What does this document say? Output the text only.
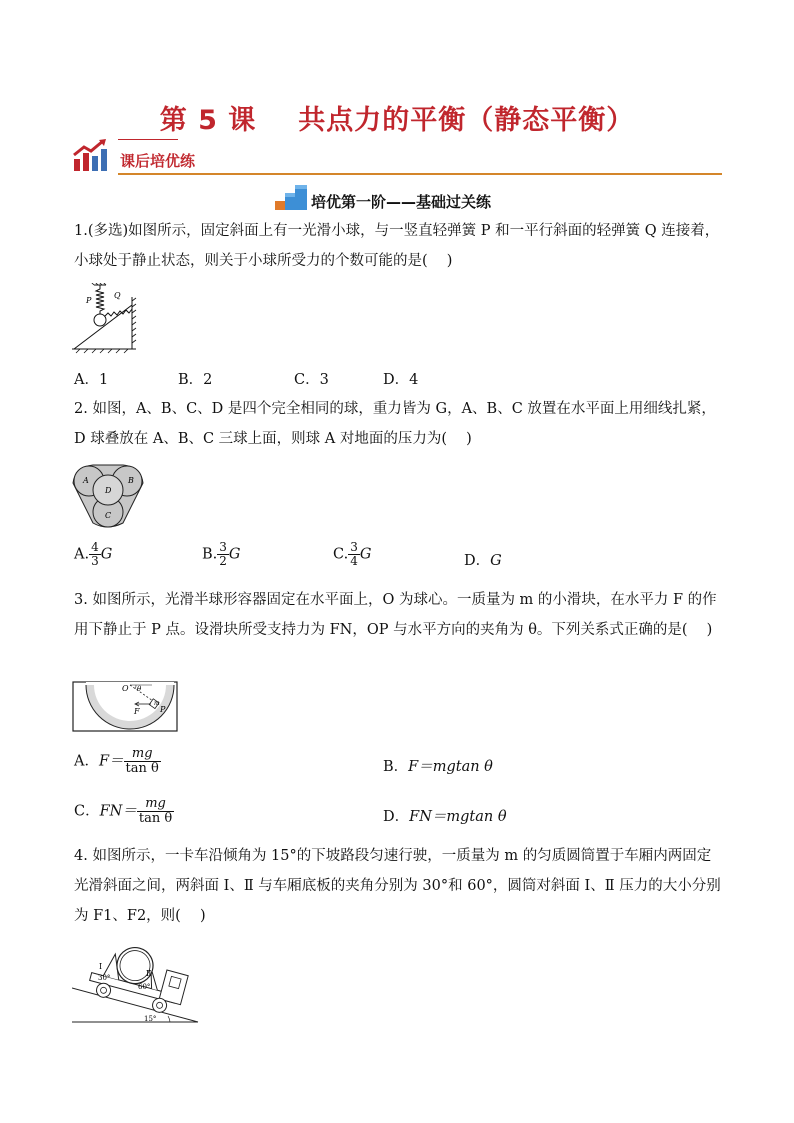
第 5 课 共点力的平衡（静态平衡）
课后培优练
培优第一阶——基础过关练
1.(多选)如图所示，固定斜面上有一光滑小球，与一竖直轻弹簧 P 和一平行斜面的轻弹簧 Q 连接着，小球处于静止状态，则关于小球所受力的个数可能的是(　 )
P
Q
A．1	B．2	C．3	D．4
2. 如图，A、B、C、D 是四个完全相同的球，重力皆为 G，A、B、C 放置在水平面上用细线扎紧，D 球叠放在 A、B、C 三球上面，则球 A 对地面的压力为(　 )
A	B
D
C
A. $\frac{4}{3}$ G	B. $\frac{3}{2}$ G	C. $\frac{3}{4}$ G	D．G
3. 如图所示，光滑半球形容器固定在水平面上，O 为球心。一质量为 m 的小滑块，在水平力 F 的作用下静止于 P 点。设滑块所受支持力为 FN，OP 与水平方向的夹角为 θ。下列关系式正确的是(　 )
O θ
m
F	P
A．$F= \frac{mg}{\text{tan θ}}$	B．F＝mgtan θ
C．$FN= \frac{mg}{\text{tan θ}}$	D．FN＝mgtan θ
4. 如图所示，一卡车沿倾角为 15°的下坡路段匀速行驶，一质量为 m 的匀质圆筒置于车厢内两固定光滑斜面之间，两斜面 Ⅰ、Ⅱ 与车厢底板的夹角分别为 30°和 60°，圆筒对斜面 Ⅰ、Ⅱ 压力的大小分别为 F1、F2，则(　 )
Ⅰ
Ⅱ
30°
60°
15°
